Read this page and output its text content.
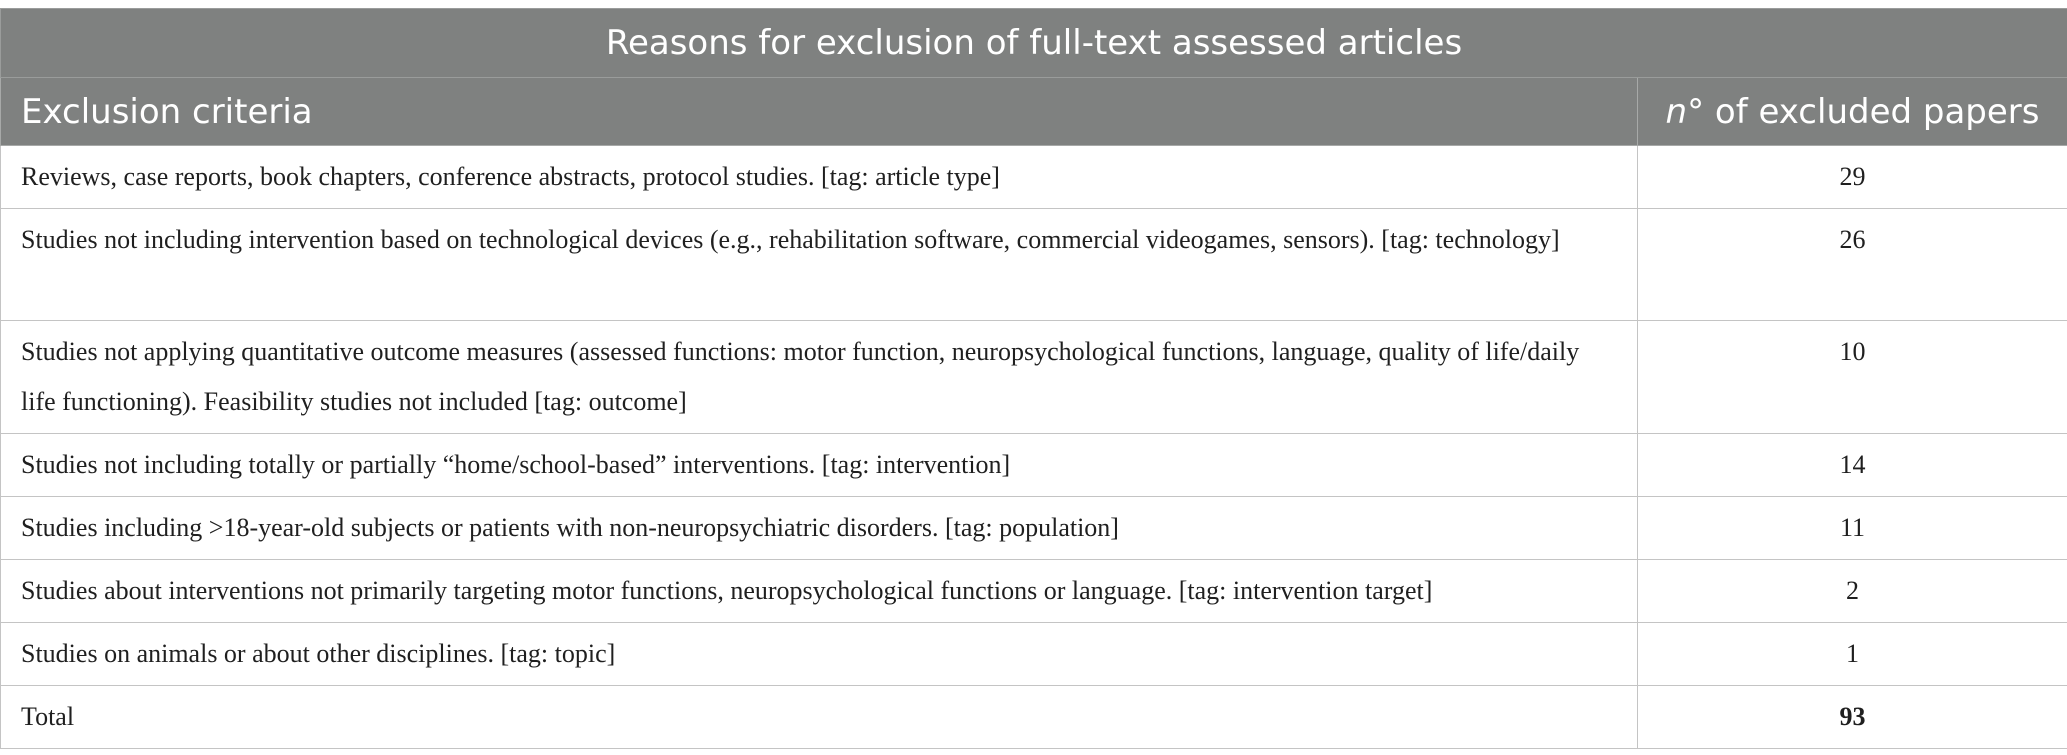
Reasons for exclusion of full-text assessed articles	
Exclusion criteria	n° of excluded papers
Reviews, case reports, book chapters, conference abstracts, protocol studies. [tag: article type]	29
Studies not including intervention based on technological devices (e.g., rehabilitation software, commercial videogames, sensors). [tag: technology]	26
Studies not applying quantitative outcome measures (assessed functions: motor function, neuropsychological functions, language, quality of life/daily life functioning). Feasibility studies not included [tag: outcome]	10
Studies not including totally or partially “home/school-based” interventions. [tag: intervention]	14
Studies including >18-year-old subjects or patients with non-neuropsychiatric disorders. [tag: population]	11
Studies about interventions not primarily targeting motor functions, neuropsychological functions or language. [tag: intervention target]	2
Studies on animals or about other disciplines. [tag: topic]	1
Total	93
